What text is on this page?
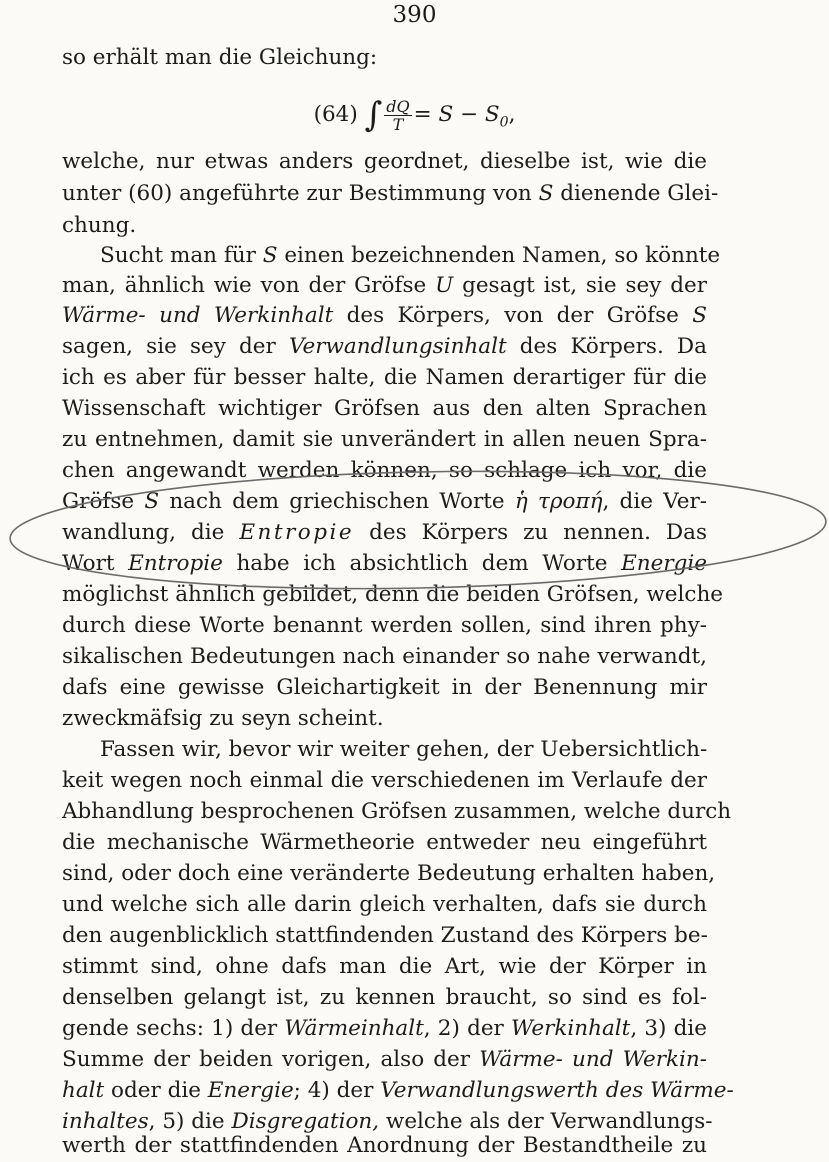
390
so erhält man die Gleichung:
(64) ∫ $\frac{dQ}{T} = S - S_0$,
welche, nur etwas anders geordnet, dieselbe ist, wie die
unter (60) angeführte zur Bestimmung von S dienende Glei-
chung.
Sucht man für S einen bezeichnenden Namen, so könnte
man, ähnlich wie von der Gröfse U gesagt ist, sie sey der
Wärme- und Werkinhalt des Körpers, von der Gröfse S
sagen, sie sey der Verwandlungsinhalt des Körpers. Da
ich es aber für besser halte, die Namen derartiger für die
Wissenschaft wichtiger Gröfsen aus den alten Sprachen
zu entnehmen, damit sie unverändert in allen neuen Spra-
chen angewandt werden können, so schlage ich vor, die
Gröfse S nach dem griechischen Worte ἡ τροπή, die Ver-
wandlung, die Entropie des Körpers zu nennen. Das
Wort Entropie habe ich absichtlich dem Worte Energie
möglichst ähnlich gebildet, denn die beiden Gröfsen, welche
durch diese Worte benannt werden sollen, sind ihren phy-
sikalischen Bedeutungen nach einander so nahe verwandt,
dafs eine gewisse Gleichartigkeit in der Benennung mir
zweckmäfsig zu seyn scheint.
Fassen wir, bevor wir weiter gehen, der Uebersichtlich-
keit wegen noch einmal die verschiedenen im Verlaufe der
Abhandlung besprochenen Gröfsen zusammen, welche durch
die mechanische Wärmetheorie entweder neu eingeführt
sind, oder doch eine veränderte Bedeutung erhalten haben,
und welche sich alle darin gleich verhalten, dafs sie durch
den augenblicklich stattfindenden Zustand des Körpers be-
stimmt sind, ohne dafs man die Art, wie der Körper in
denselben gelangt ist, zu kennen braucht, so sind es fol-
gende sechs: 1) der Wärmeinhalt, 2) der Werkinhalt, 3) die
Summe der beiden vorigen, also der Wärme- und Werkin-
halt oder die Energie; 4) der Verwandlungswerth des Wärme-
inhaltes, 5) die Disgregation, welche als der Verwandlungs-
werth der stattfindenden Anordnung der Bestandtheile zu
